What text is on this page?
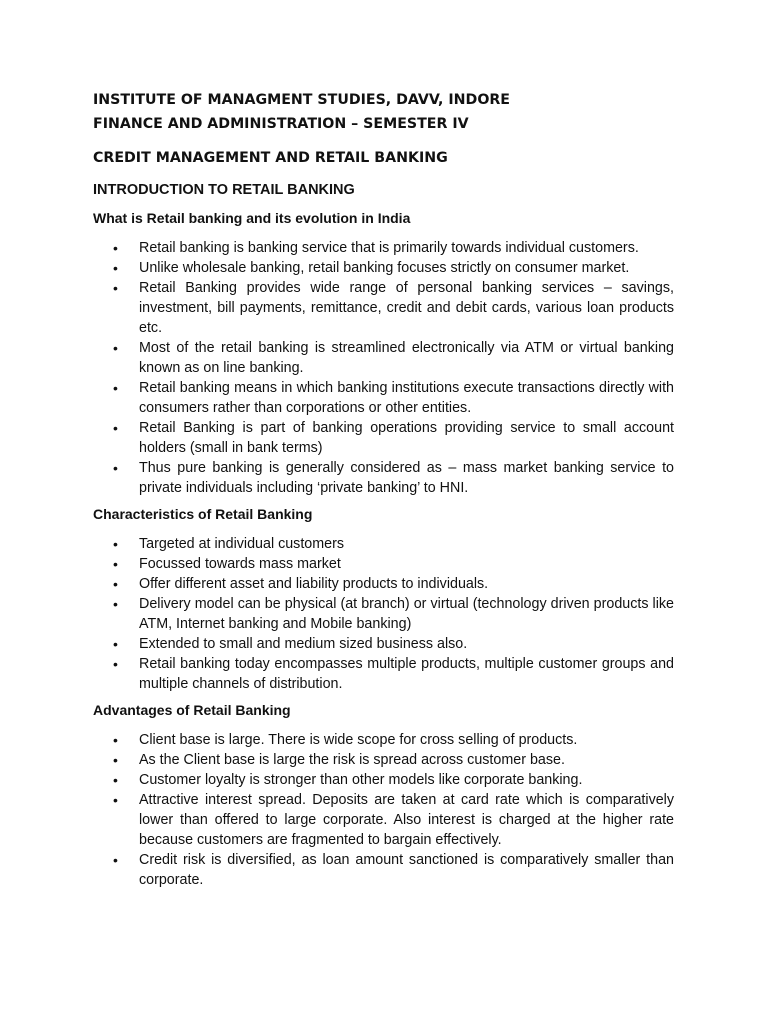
INSTITUTE OF MANAGMENT STUDIES, DAVV, INDORE
FINANCE AND ADMINISTRATION – SEMESTER IV
CREDIT MANAGEMENT AND RETAIL BANKING
INTRODUCTION TO RETAIL BANKING
What is Retail banking and its evolution in India
• Retail banking is banking service that is primarily towards individual customers.
• Unlike wholesale banking, retail banking focuses strictly on consumer market.
• Retail Banking provides wide range of personal banking services – savings, investment, bill payments, remittance, credit and debit cards, various loan products etc.
• Most of the retail banking is streamlined electronically via ATM or virtual banking known as on line banking.
• Retail banking means in which banking institutions execute transactions directly with consumers rather than corporations or other entities.
• Retail Banking is part of banking operations providing service to small account holders (small in bank terms)
• Thus pure banking is generally considered as – mass market banking service to private individuals including ‘private banking’ to HNI.
Characteristics of Retail Banking
• Targeted at individual customers
• Focussed towards mass market
• Offer different asset and liability products to individuals.
• Delivery model can be physical (at branch) or virtual (technology driven products like ATM, Internet banking and Mobile banking)
• Extended to small and medium sized business also.
• Retail banking today encompasses multiple products, multiple customer groups and multiple channels of distribution.
Advantages of Retail Banking
• Client base is large. There is wide scope for cross selling of products.
• As the Client base is large the risk is spread across customer base.
• Customer loyalty is stronger than other models like corporate banking.
• Attractive interest spread. Deposits are taken at card rate which is comparatively lower than offered to large corporate. Also interest is charged at the higher rate because customers are fragmented to bargain effectively.
• Credit risk is diversified, as loan amount sanctioned is comparatively smaller than corporate.
